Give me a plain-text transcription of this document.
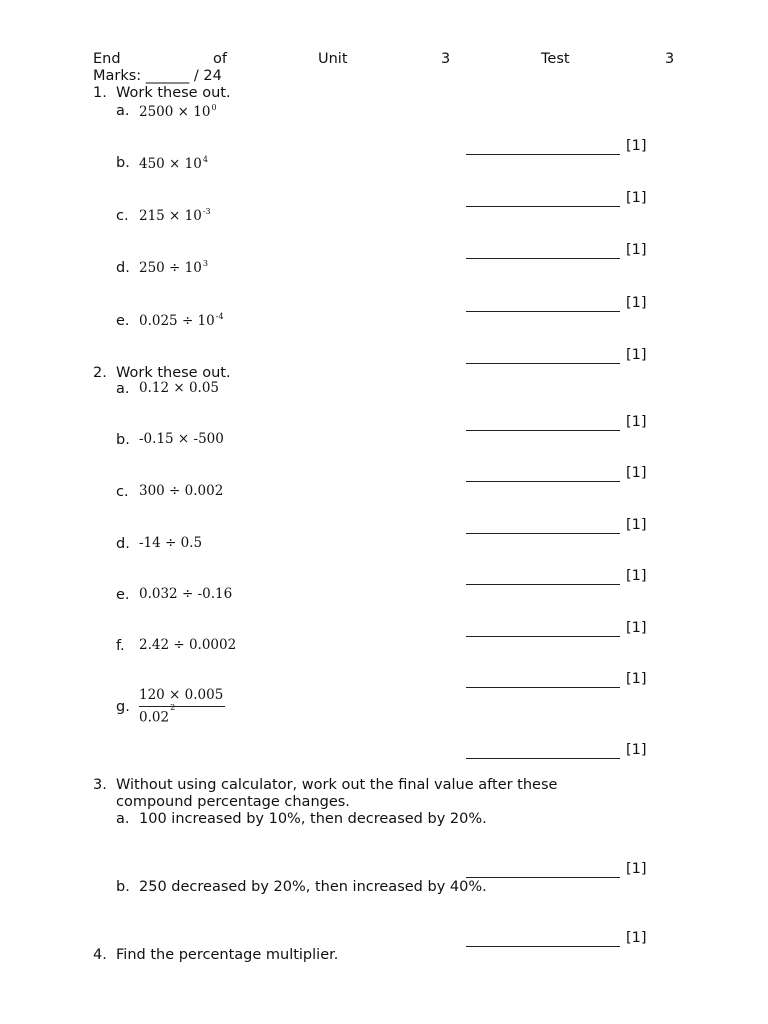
End	of	Unit	3	Test	3
Marks: ______ / 24
1. Work these out.
a. $2500 \times 10^0$
[1]
b. $450 \times 10^4$
[1]
c. $215 \times 10^{-3}$
[1]
d. $250 \div 10^3$
[1]
e. $0.025 \div 10^{-4}$
[1]
2. Work these out.
a. 0.12 × 0.05
[1]
b. -0.15 × -500
[1]
c. 300 ÷ 0.002
[1]
d. -14 ÷ 0.5
[1]
e. 0.032 ÷ -0.16
[1]
f. 2.42 ÷ 0.0002
[1]
g.
120 × 0.005
0.02$^2$
[1]
3. Without using calculator, work out the final value after these
compound percentage changes.
a. 100 increased by 10%, then decreased by 20%.
[1]
b. 250 decreased by 20%, then increased by 40%.
[1]
4. Find the percentage multiplier.
